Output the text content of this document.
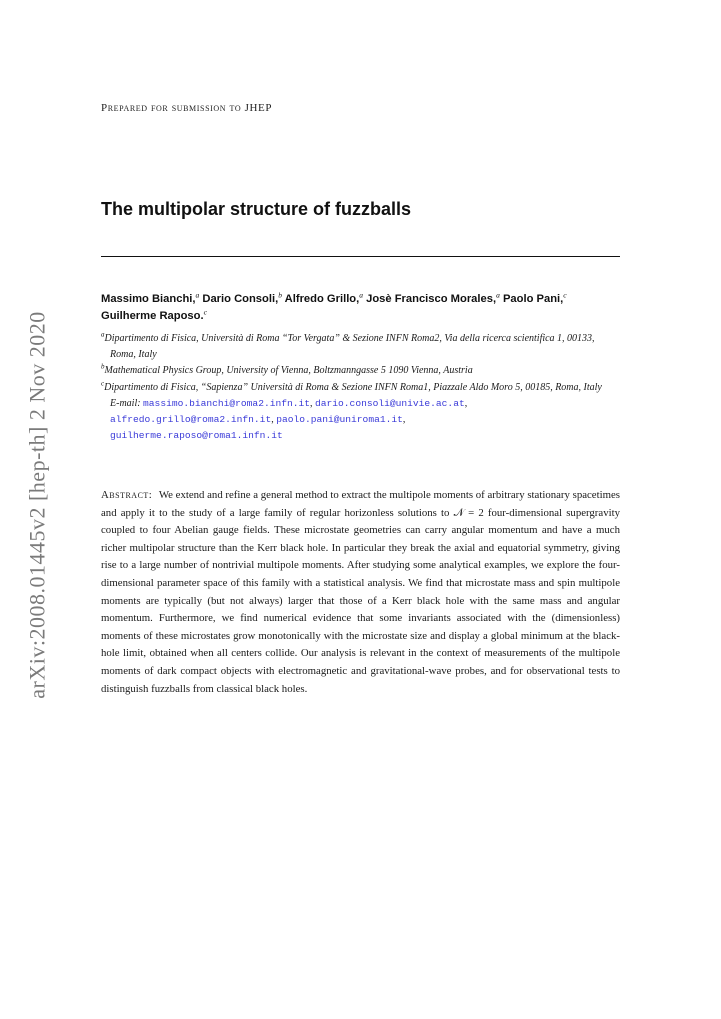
arXiv:2008.01445v2 [hep-th] 2 Nov 2020
Prepared for submission to JHEP
The multipolar structure of fuzzballs
Massimo Bianchi,$^a$ Dario Consoli,$^b$ Alfredo Grillo,$^a$ Josè Francisco Morales,$^a$ Paolo Pani,$^c$ Guilherme Raposo.$^c$

$^a$Dipartimento di Fisica, Università di Roma “Tor Vergata” & Sezione INFN Roma2, Via della ricerca scientifica 1, 00133, Roma, Italy

$^b$Mathematical Physics Group, University of Vienna, Boltzmanngasse 5 1090 Vienna, Austria

$^c$Dipartimento di Fisica, “Sapienza” Università di Roma & Sezione INFN Roma1, Piazzale Aldo Moro 5, 00185, Roma, Italy

E-mail: massimo.bianchi@roma2.infn.it, dario.consoli@univie.ac.at,
alfredo.grillo@roma2.infn.it, paolo.pani@uniroma1.it,
guilherme.raposo@roma1.infn.it
Abstract: We extend and refine a general method to extract the multipole moments of arbitrary stationary spacetimes and apply it to the study of a large family of regular horizonless solutions to 𝒩 = 2 four-dimensional supergravity coupled to four Abelian gauge fields. These microstate geometries can carry angular momentum and have a much richer multipolar structure than the Kerr black hole. In particular they break the axial and equatorial symmetry, giving rise to a large number of nontrivial multipole moments. After studying some analytical examples, we explore the four-dimensional parameter space of this family with a statistical analysis. We find that microstate mass and spin multipole moments are typically (but not always) larger that those of a Kerr black hole with the same mass and angular momentum. Furthermore, we find numerical evidence that some invariants associated with the (dimensionless) moments of these microstates grow monotonically with the microstate size and display a global minimum at the black-hole limit, obtained when all centers collide. Our analysis is relevant in the context of measurements of the multipole moments of dark compact objects with electromagnetic and gravitational-wave probes, and for observational tests to distinguish fuzzballs from classical black holes.
